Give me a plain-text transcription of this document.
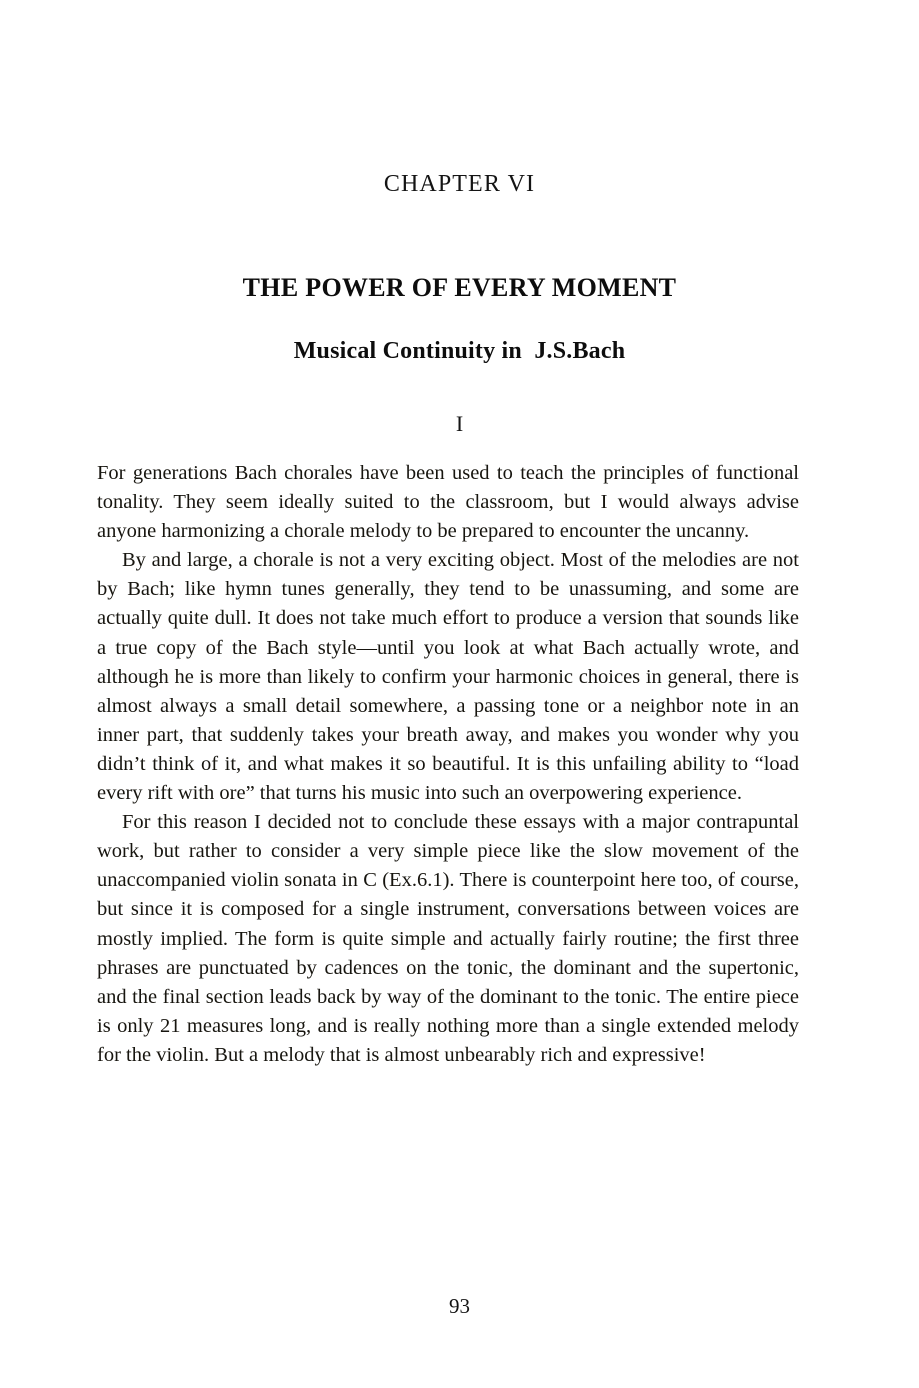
CHAPTER VI
THE POWER OF EVERY MOMENT
Musical Continuity in  J.S.Bach
I

For generations Bach chorales have been used to teach the principles of functional tonality. They seem ideally suited to the classroom, but I would always advise anyone harmonizing a chorale melody to be prepared to encounter the uncanny.

By and large, a chorale is not a very exciting object. Most of the melodies are not by Bach; like hymn tunes generally, they tend to be unassuming, and some are actually quite dull. It does not take much effort to produce a version that sounds like a true copy of the Bach style—until you look at what Bach actually wrote, and although he is more than likely to confirm your harmonic choices in general, there is almost always a small detail somewhere, a passing tone or a neighbor note in an inner part, that suddenly takes your breath away, and makes you wonder why you didn’t think of it, and what makes it so beautiful. It is this unfailing ability to “load every rift with ore” that turns his music into such an overpowering experience.

For this reason I decided not to conclude these essays with a major contrapuntal work, but rather to consider a very simple piece like the slow movement of the unaccompanied violin sonata in C (Ex.6.1). There is counterpoint here too, of course, but since it is composed for a single instrument, conversations between voices are mostly implied. The form is quite simple and actually fairly routine; the first three phrases are punctuated by cadences on the tonic, the dominant and the supertonic, and the final section leads back by way of the dominant to the tonic. The entire piece is only 21 measures long, and is really nothing more than a single extended melody for the violin. But a melody that is almost unbearably rich and expressive!

93
